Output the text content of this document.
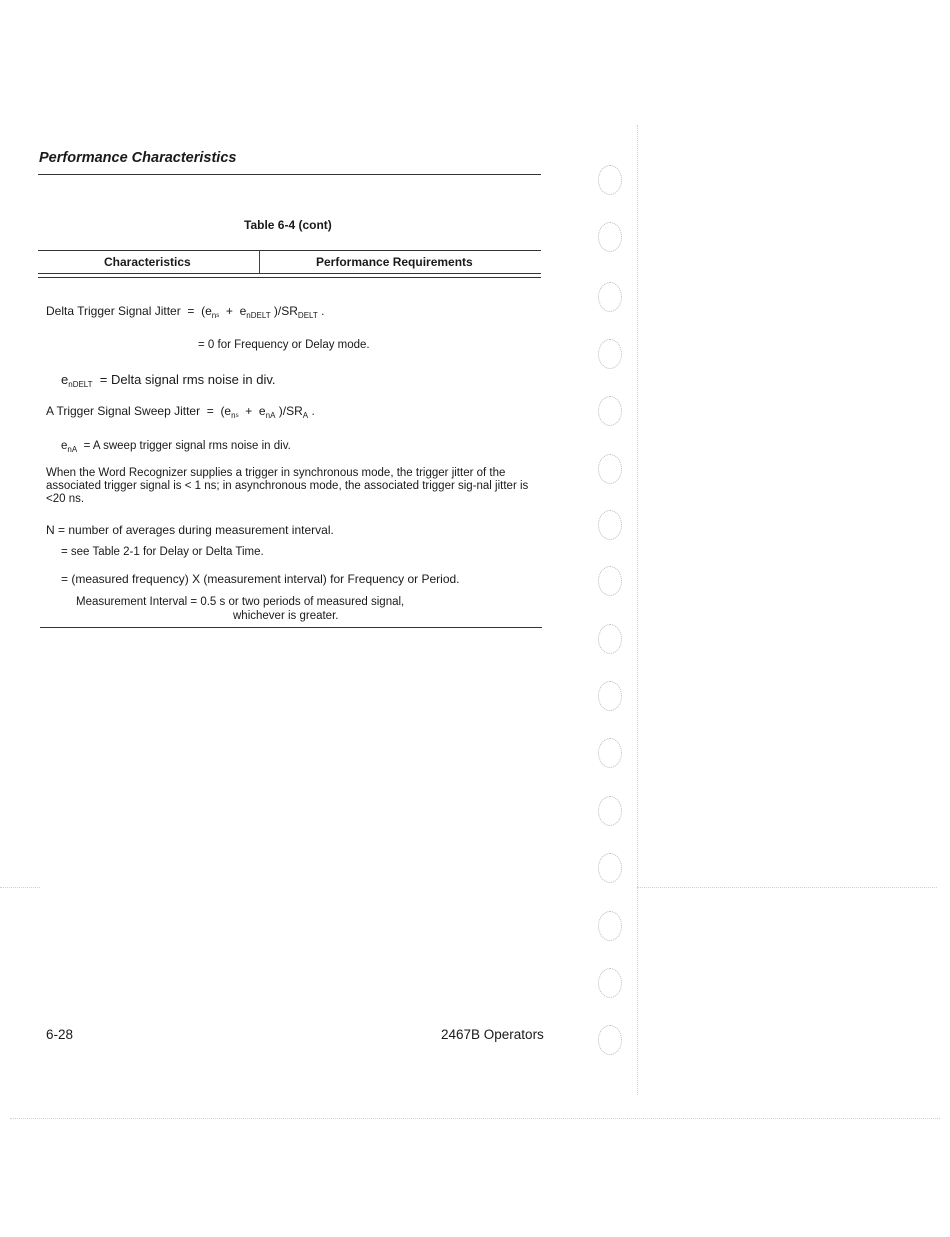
Performance Characteristics
Table 6-4 (cont)
Characteristics	Performance Requirements
Delta Trigger Signal Jitter = ($e_ns + e_{nDELT}$ )$/SR_{DELT}$ .
= 0 for Frequency or Delay mode.
$e_{nDELT}$ = Delta signal rms noise in div.
A Trigger Signal Sweep Jitter = ($e_ns + e_{nA}$ )$/SR_A$ .
$e_{nA} = A$ sweep trigger signal rms noise in div.
When the Word Recognizer supplies a trigger in synchronous mode, the trigger jitter of the associated trigger signal is < 1 ns; in asynchronous mode, the associated trigger sig-nal jitter is <20 ns.
N = number of averages during measurement interval.
= see Table 2-1 for Delay or Delta Time.
= (measured frequency) X (measurement interval) for Frequency or Period.
Measurement Interval = 0.5 s or two periods of measured signal,
whichever is greater.
6-28	2467B Operators
